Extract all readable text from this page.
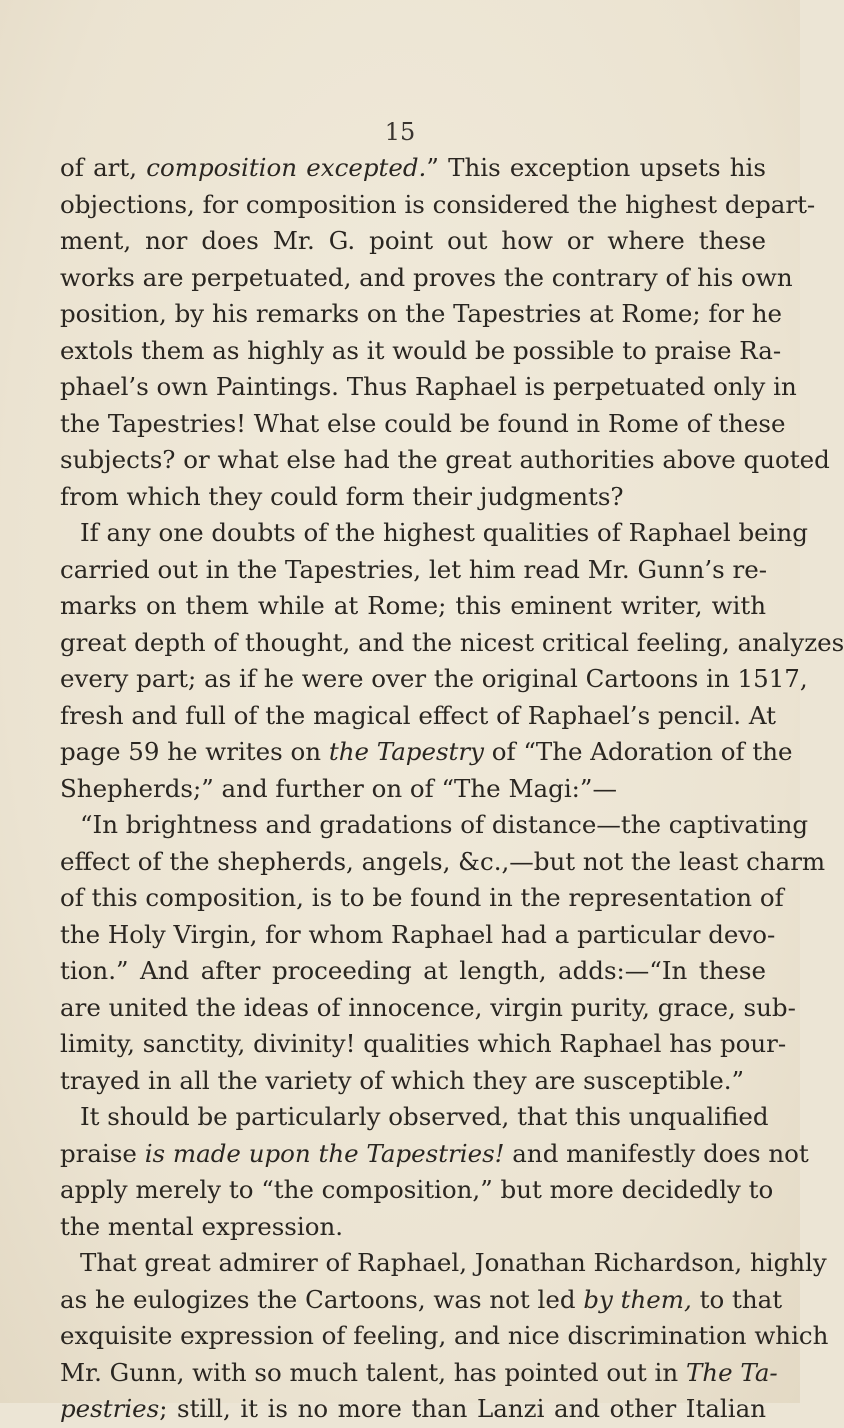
15
of art, composition excepted.” This exception upsets his
objections, for composition is considered the highest depart-
ment, nor does Mr. G. point out how or where these
works are perpetuated, and proves the contrary of his own
position, by his remarks on the Tapestries at Rome; for he
extols them as highly as it would be possible to praise Ra-
phael’s own Paintings. Thus Raphael is perpetuated only in
the Tapestries! What else could be found in Rome of these
subjects? or what else had the great authorities above quoted
from which they could form their judgments?
If any one doubts of the highest qualities of Raphael being
carried out in the Tapestries, let him read Mr. Gunn’s re-
marks on them while at Rome; this eminent writer, with
great depth of thought, and the nicest critical feeling, analyzes
every part; as if he were over the original Cartoons in 1517,
fresh and full of the magical effect of Raphael’s pencil. At
page 59 he writes on the Tapestry of “The Adoration of the
Shepherds;” and further on of “The Magi:”—
“In brightness and gradations of distance—the captivating
effect of the shepherds, angels, &c.,—but not the least charm
of this composition, is to be found in the representation of
the Holy Virgin, for whom Raphael had a particular devo-
tion.” And after proceeding at length, adds:—“In these
are united the ideas of innocence, virgin purity, grace, sub-
limity, sanctity, divinity! qualities which Raphael has pour-
trayed in all the variety of which they are susceptible.”
It should be particularly observed, that this unqualified
praise is made upon the Tapestries! and manifestly does not
apply merely to “the composition,” but more decidedly to
the mental expression.
That great admirer of Raphael, Jonathan Richardson, highly
as he eulogizes the Cartoons, was not led by them, to that
exquisite expression of feeling, and nice discrimination which
Mr. Gunn, with so much talent, has pointed out in The Ta-
pestries; still, it is no more than Lanzi and other Italian
